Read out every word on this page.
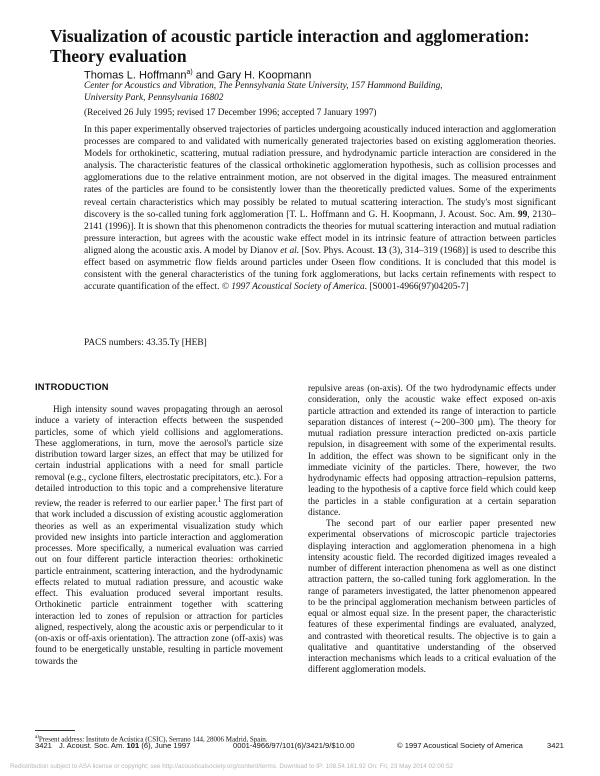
Visualization of acoustic particle interaction and agglomeration:
Theory evaluation
Thomas L. Hoffmann$^{a)}$ and Gary H. Koopmann
Center for Acoustics and Vibration, The Pennsylvania State University, 157 Hammond Building,
University Park, Pennsylvania 16802
(Received 26 July 1995; revised 17 December 1996; accepted 7 January 1997)
In this paper experimentally observed trajectories of particles undergoing acoustically induced interaction and agglomeration processes are compared to and validated with numerically generated trajectories based on existing agglomeration theories. Models for orthokinetic, scattering, mutual radiation pressure, and hydrodynamic particle interaction are considered in the analysis. The characteristic features of the classical orthokinetic agglomeration hypothesis, such as collision processes and agglomerations due to the relative entrainment motion, are not observed in the digital images. The measured entrainment rates of the particles are found to be consistently lower than the theoretically predicted values. Some of the experiments reveal certain characteristics which may possibly be related to mutual scattering interaction. The study's most significant discovery is the so-called tuning fork agglomeration [T. L. Hoffmann and G. H. Koopmann, J. Acoust. Soc. Am. 99, 2130–2141 (1996)]. It is shown that this phenomenon contradicts the theories for mutual scattering interaction and mutual radiation pressure interaction, but agrees with the acoustic wake effect model in its intrinsic feature of attraction between particles aligned along the acoustic axis. A model by Dianov et al. [Sov. Phys. Acoust. 13 (3), 314–319 (1968)] is used to describe this effect based on asymmetric flow fields around particles under Oseen flow conditions. It is concluded that this model is consistent with the general characteristics of the tuning fork agglomerations, but lacks certain refinements with respect to accurate quantification of the effect. © 1997 Acoustical Society of America. [S0001-4966(97)04205-7]
PACS numbers: 43.35.Ty [HEB]
INTRODUCTION

High intensity sound waves propagating through an aerosol induce a variety of interaction effects between the suspended particles, some of which yield collisions and agglomerations. These agglomerations, in turn, move the aerosol's particle size distribution toward larger sizes, an effect that may be utilized for certain industrial applications with a need for small particle removal (e.g., cyclone filters, electrostatic precipitators, etc.). For a detailed introduction to this topic and a comprehensive literature review, the reader is referred to our earlier paper.$^1$ The first part of that work included a discussion of existing acoustic agglomeration theories as well as an experimental visualization study which provided new insights into particle interaction and agglomeration processes. More specifically, a numerical evaluation was carried out on four different particle interaction theories: orthokinetic particle entrainment, scattering interaction, and the hydrodynamic effects related to mutual radiation pressure, and acoustic wake effect. This evaluation produced several important results. Orthokinetic particle entrainment together with scattering interaction led to zones of repulsion or attraction for particles aligned, respectively, along the acoustic axis or perpendicular to it (on-axis or off-axis orientation). The attraction zone (off-axis) was found to be energetically unstable, resulting in particle movement towards the

repulsive areas (on-axis). Of the two hydrodynamic effects under consideration, only the acoustic wake effect exposed on-axis particle attraction and extended its range of interaction to particle separation distances of interest (∼200–300 μm). The theory for mutual radiation pressure interaction predicted on-axis particle repulsion, in disagreement with some of the experimental results. In addition, the effect was shown to be significant only in the immediate vicinity of the particles. There, however, the two hydrodynamic effects had opposing attraction–repulsion patterns, leading to the hypothesis of a captive force field which could keep the particles in a stable configuration at a certain separation distance.

The second part of our earlier paper presented new experimental observations of microscopic particle trajectories displaying interaction and agglomeration phenomena in a high intensity acoustic field. The recorded digitized images revealed a number of different interaction phenomena as well as one distinct attraction pattern, the so-called tuning fork agglomeration. In the range of parameters investigated, the latter phenomenon appeared to be the principal agglomeration mechanism between particles of equal or almost equal size. In the present paper, the characteristic features of these experimental findings are evaluated, analyzed, and contrasted with theoretical results. The objective is to gain a qualitative and quantitative understanding of the observed interaction mechanisms which leads to a critical evaluation of the different agglomeration models.

$^{a)}$Present address: Instituto de Acústica (CSIC), Serrano 144, 28006 Madrid, Spain.
3421 J. Acoust. Soc. Am. 101 (6), June 1997	0001-4966/97/101(6)/3421/9/$10.00	© 1997 Acoustical Society of America	3421
Redistribution subject to ASA license or copyright; see http://acousticalsociety.org/content/terms. Download to IP: 108.54.161.92 On: Fri, 23 May 2014 02:00:52
